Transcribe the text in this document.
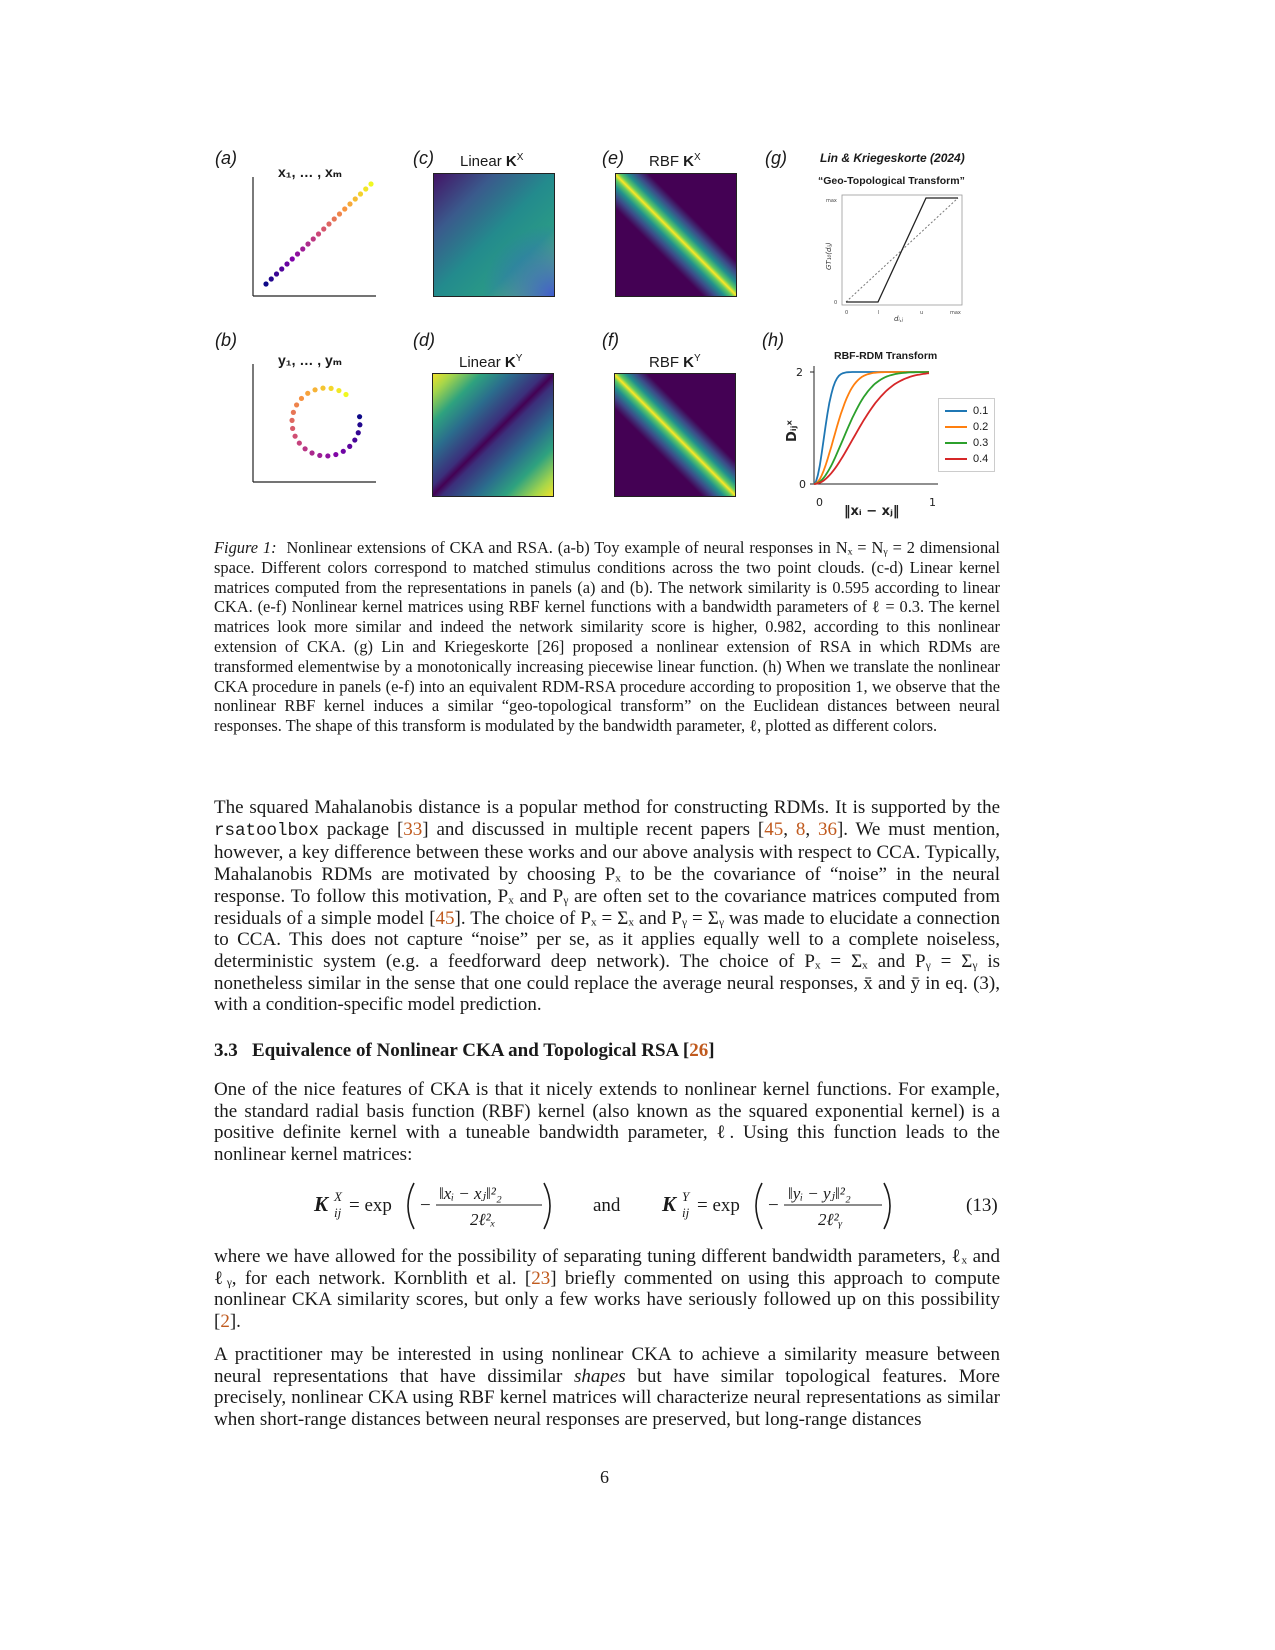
(a)
(b)
(c)
(d)
(e)
(f)
(g)
(h)
x₁, … , xₘ
y₁, … , yₘ
Linear $K^X$
Linear $K^Y$
RBF $K^X$
RBF $K^Y$
Lin & Kriegeskorte (2024)
“Geo-Topological Transform”
max
0
0	l	u	max
dᵢ,ⱼ
GT₁₀(dᵢⱼ)
RBF-RDM Transform
2
0
0	1
‖xᵢ − xⱼ‖
Dᵢⱼˣ
0.1
0.2
0.3
0.4
Figure 1: Nonlinear extensions of CKA and RSA. (a-b) Toy example of neural responses in Nₓ = Nᵧ = 2 dimensional space. Different colors correspond to matched stimulus conditions across the two point clouds. (c-d) Linear kernel matrices computed from the representations in panels (a) and (b). The network similarity is 0.595 according to linear CKA. (e-f) Nonlinear kernel matrices using RBF kernel functions with a bandwidth parameters of ℓ = 0.3. The kernel matrices look more similar and indeed the network similarity score is higher, 0.982, according to this nonlinear extension of CKA. (g) Lin and Kriegeskorte [26] proposed a nonlinear extension of RSA in which RDMs are transformed elementwise by a monotonically increasing piecewise linear function. (h) When we translate the nonlinear CKA procedure in panels (e-f) into an equivalent RDM-RSA procedure according to proposition 1, we observe that the nonlinear RBF kernel induces a similar “geo-topological transform” on the Euclidean distances between neural responses. The shape of this transform is modulated by the bandwidth parameter, ℓ, plotted as different colors.
The squared Mahalanobis distance is a popular method for constructing RDMs. It is supported by the rsatoolbox package [33] and discussed in multiple recent papers [45, 8, 36]. We must mention, however, a key difference between these works and our above analysis with respect to CCA. Typically, Mahalanobis RDMs are motivated by choosing Pₓ to be the covariance of “noise” in the neural response. To follow this motivation, Pₓ and Pᵧ are often set to the covariance matrices computed from residuals of a simple model [45]. The choice of Pₓ = Σₓ and Pᵧ = Σᵧ was made to elucidate a connection to CCA. This does not capture “noise” per se, as it applies equally well to a complete noiseless, deterministic system (e.g. a feedforward deep network). The choice of Pₓ = Σₓ and Pᵧ = Σᵧ is nonetheless similar in the sense that one could replace the average neural responses, x̄ and ȳ in eq. (3), with a condition-specific model prediction.
3.3 Equivalence of Nonlinear CKA and Topological RSA [26]
One of the nice features of CKA is that it nicely extends to nonlinear kernel functions. For example, the standard radial basis function (RBF) kernel (also known as the squared exponential kernel) is a positive definite kernel with a tuneable bandwidth parameter, ℓ. Using this function leads to the nonlinear kernel matrices:
K X
ij = exp −
‖xᵢ − xⱼ‖²₂
2ℓ²ₓ
and K Y
ij = exp −
‖yᵢ − yⱼ‖²₂
2ℓ²ᵧ
(13)
where we have allowed for the possibility of separating tuning different bandwidth parameters, ℓₓ and ℓᵧ, for each network. Kornblith et al. [23] briefly commented on using this approach to compute nonlinear CKA similarity scores, but only a few works have seriously followed up on this possibility [2].
A practitioner may be interested in using nonlinear CKA to achieve a similarity measure between neural representations that have dissimilar shapes but have similar topological features. More precisely, nonlinear CKA using RBF kernel matrices will characterize neural representations as similar when short-range distances between neural responses are preserved, but long-range distances
6
